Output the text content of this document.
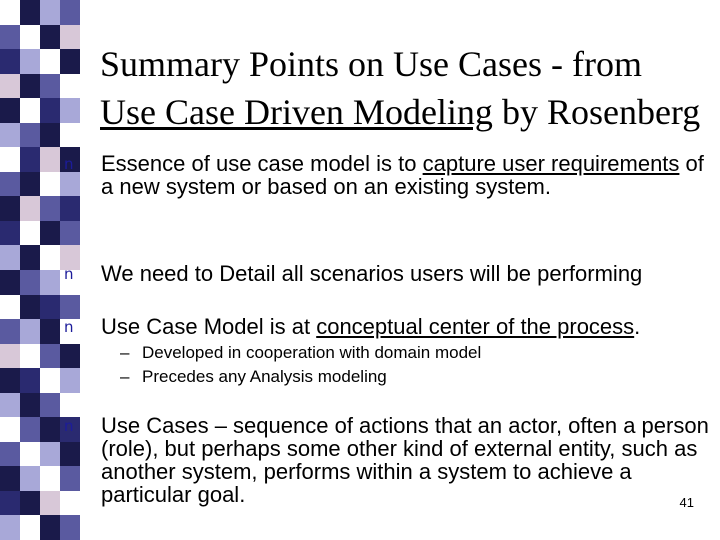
Summary Points on Use Cases - from
Use Case Driven Modeling by Rosenberg
n Essence of use case model is to capture user requirements of a new system or based on an existing system.
n We need to Detail all scenarios users will be performing
n Use Case Model is at conceptual center of the process.
– Developed in cooperation with domain model
– Precedes any Analysis modeling
n Use Cases – sequence of actions that an actor, often a person (role), but perhaps some other kind of external entity, such as another system, performs within a system to achieve a particular goal.	41
